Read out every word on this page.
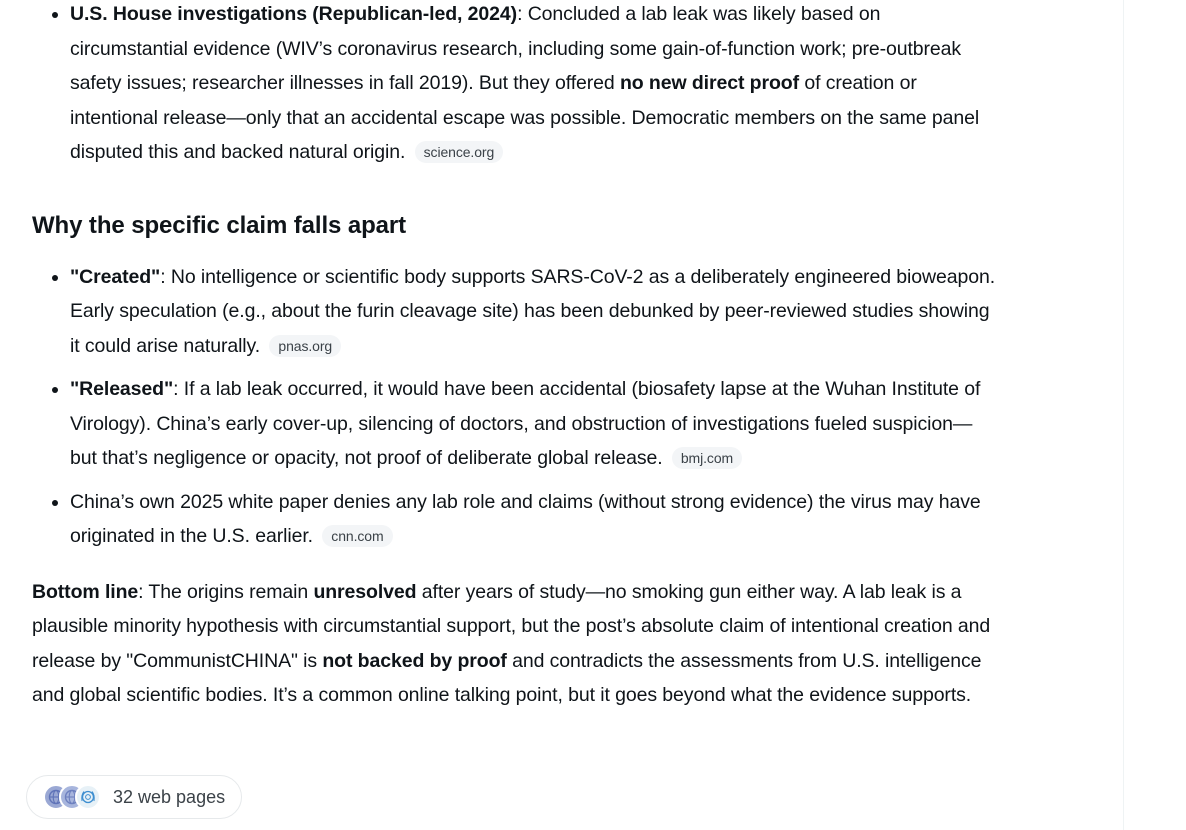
U.S. House investigations (Republican-led, 2024): Concluded a lab leak was likely based on circumstantial evidence (WIV’s coronavirus research, including some gain-of-function work; pre-outbreak safety issues; researcher illnesses in fall 2019). But they offered no new direct proof of creation or intentional release—only that an accidental escape was possible. Democratic members on the same panel disputed this and backed natural origin. science.org
Why the specific claim falls apart
"Created": No intelligence or scientific body supports SARS-CoV-2 as a deliberately engineered bioweapon. Early speculation (e.g., about the furin cleavage site) has been debunked by peer-reviewed studies showing it could arise naturally. pnas.org
"Released": If a lab leak occurred, it would have been accidental (biosafety lapse at the Wuhan Institute of Virology). China’s early cover-up, silencing of doctors, and obstruction of investigations fueled suspicion—but that’s negligence or opacity, not proof of deliberate global release. bmj.com
China’s own 2025 white paper denies any lab role and claims (without strong evidence) the virus may have originated in the U.S. earlier. cnn.com

Bottom line: The origins remain unresolved after years of study—no smoking gun either way. A lab leak is a plausible minority hypothesis with circumstantial support, but the post’s absolute claim of intentional creation and release by "CommunistCHINA" is not backed by proof and contradicts the assessments from U.S. intelligence and global scientific bodies. It’s a common online talking point, but it goes beyond what the evidence supports.

32 web pages
